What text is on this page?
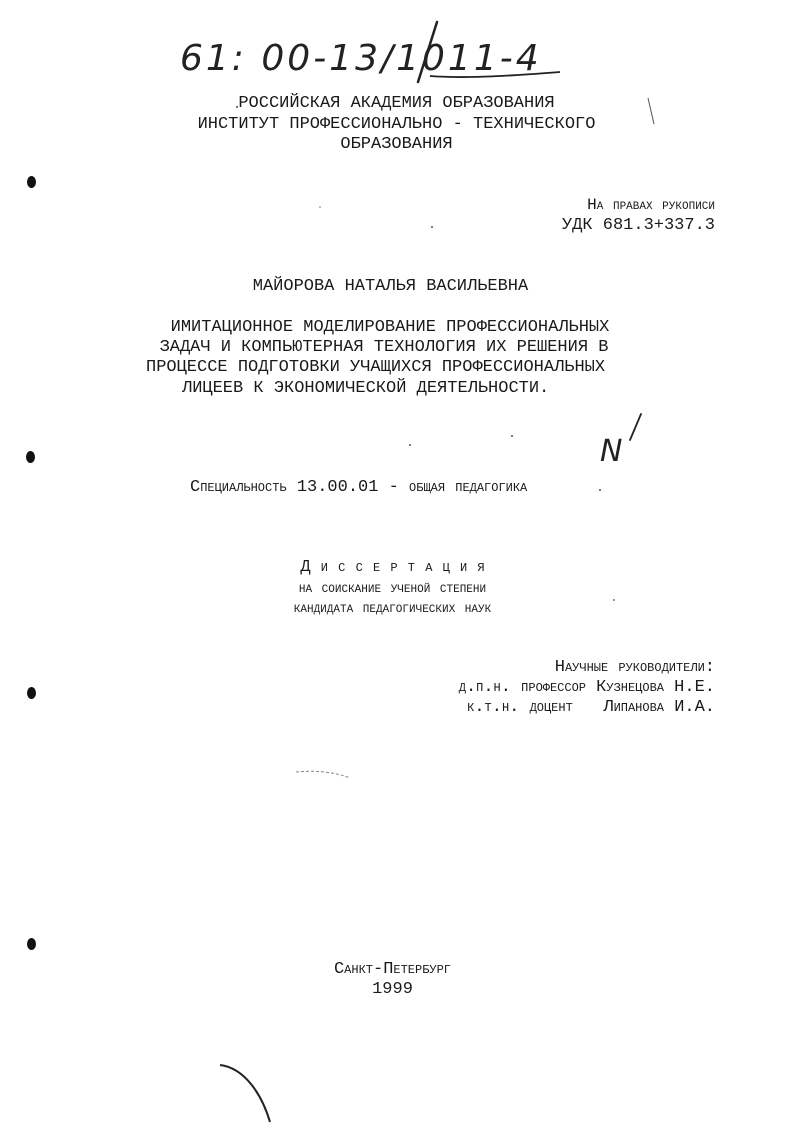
61: 00-13/1011-4
РОССИЙСКАЯ АКАДЕМИЯ ОБРАЗОВАНИЯ
ИНСТИТУТ ПРОФЕССИОНАЛЬНО - ТЕХНИЧЕСКОГО
ОБРАЗОВАНИЯ
На правах рукописи
УДК 681.3+337.3
МАЙОРОВА НАТАЛЬЯ ВАСИЛЬЕВНА
ИМИТАЦИОННОЕ МОДЕЛИРОВАНИЕ ПРОФЕССИОНАЛЬНЫХ
ЗАДАЧ И КОМПЬЮТЕРНАЯ ТЕХНОЛОГИЯ ИХ РЕШЕНИЯ В
ПРОЦЕССЕ ПОДГОТОВКИ УЧАЩИХСЯ ПРОФЕССИОНАЛЬНЫХ
ЛИЦЕЕВ К ЭКОНОМИЧЕСКОЙ ДЕЯТЕЛЬНОСТИ.
N
Специальность 13.00.01 - общая педагогика
Д и с с е р т а ц и я
на соискание ученой степени
кандидата педагогических наук
Научные руководители:
д.п.н. профессор Кузнецова Н.Е.
к.т.н. доцент   Липанова И.А.
Санкт-Петербург
1999
